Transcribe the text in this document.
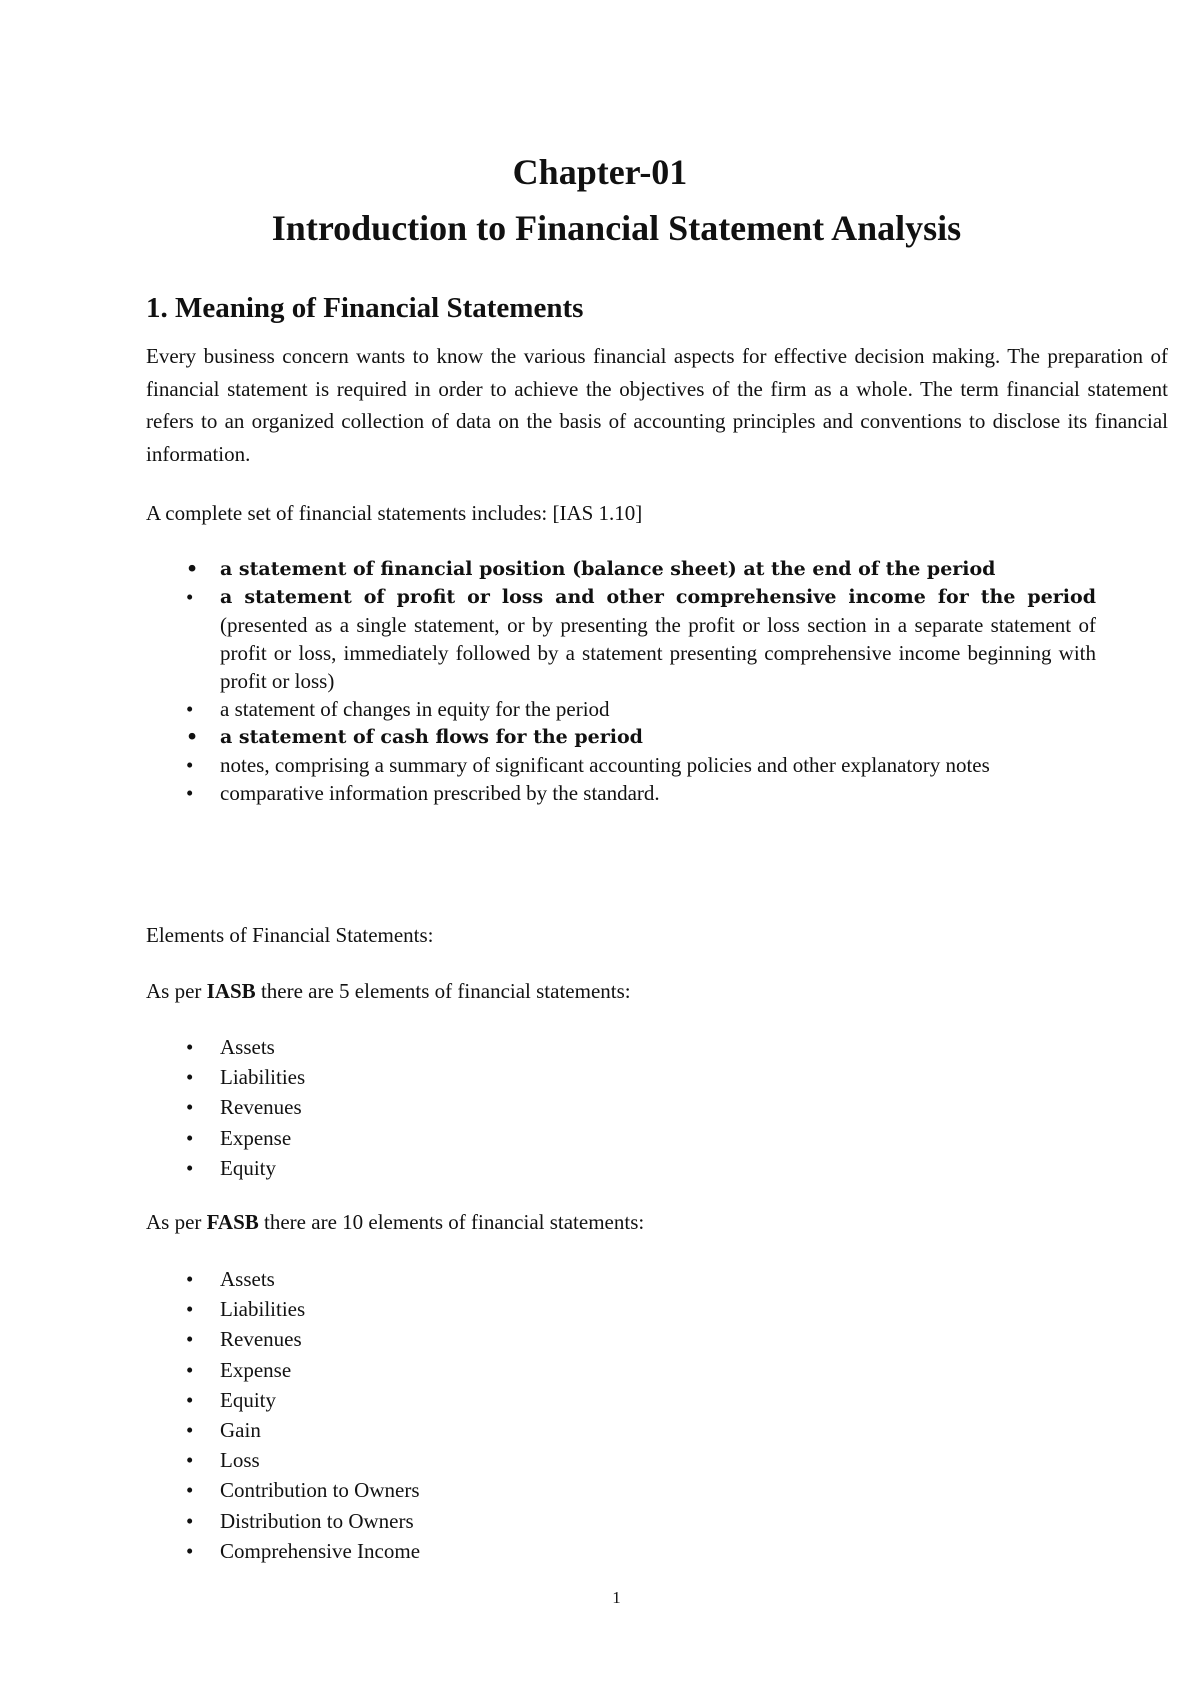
Chapter-01
Introduction to Financial Statement Analysis
1. Meaning of Financial Statements

Every business concern wants to know the various financial aspects for effective decision making. The preparation of financial statement is required in order to achieve the objectives of the firm as a whole. The term financial statement refers to an organized collection of data on the basis of accounting principles and conventions to disclose its financial information.

A complete set of financial statements includes: [IAS 1.10]

• a statement of financial position (balance sheet) at the end of the period
• a statement of profit or loss and other comprehensive income for the period
(presented as a single statement, or by presenting the profit or loss section in a separate statement of profit or loss, immediately followed by a statement presenting comprehensive income beginning with profit or loss)
• a statement of changes in equity for the period
• a statement of cash flows for the period
• notes, comprising a summary of significant accounting policies and other explanatory notes
• comparative information prescribed by the standard.

Elements of Financial Statements:

As per IASB there are 5 elements of financial statements:

• Assets
• Liabilities
• Revenues
• Expense
• Equity

As per FASB there are 10 elements of financial statements:

• Assets
• Liabilities
• Revenues
• Expense
• Equity
• Gain
• Loss
• Contribution to Owners
• Distribution to Owners
• Comprehensive Income
1
